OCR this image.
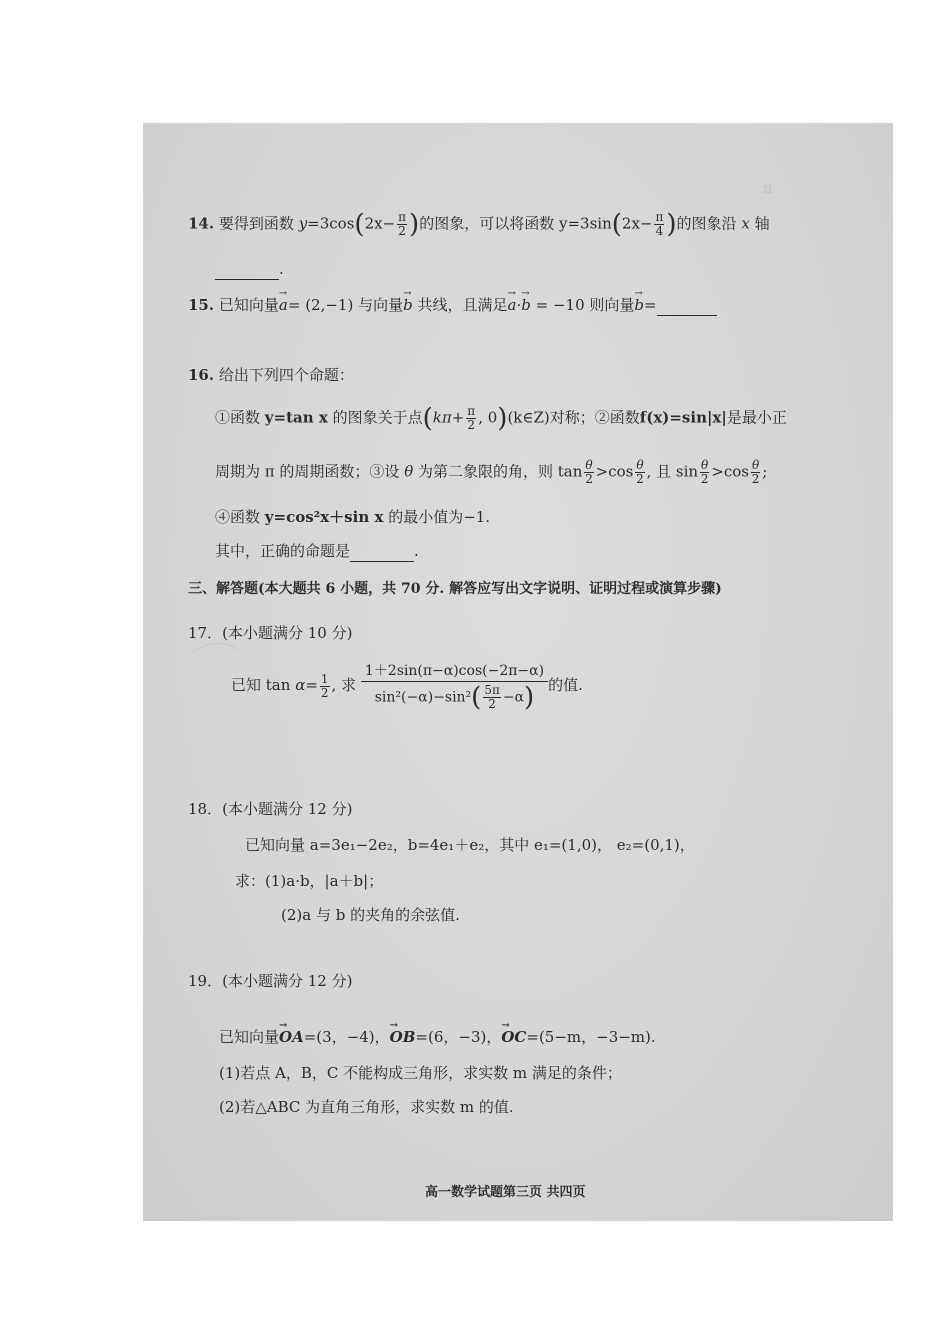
π
14. 要得到函数 $y=3\cos(2x- \frac{\pi}{2}$ )的图象，可以将函数 $y=3\sin(2x- \frac{\pi}{4}$ )的图象沿 x 轴
.
15. 已知向量→ a= (2,−1) 与向量→ b 共线，且满足→ a·→ b = −10 则向量→ b=
16. 给出下列四个命题：
①函数 y=tan x 的图象关于点($k\pi+ \frac{\pi}{2}$ , 0)(k∈Z)对称；②函数f(x)=sin|x|是最小正
周期为 π 的周期函数；③设 θ 为第二象限的角，则 $\tan \frac{\theta}{2} >\cos \frac{\theta}{2}$ , 且 $\sin \frac{\theta}{2} >\cos \frac{\theta}{2}$ ;
④函数 y=cos²x＋sin x 的最小值为−1.
其中，正确的命题是	.
三、解答题(本大题共 6 小题，共 70 分. 解答应写出文字说明、证明过程或演算步骤)
17．(本小题满分 10 分)
已知 $\tan \alpha= \frac{1}{2}$ , 求 $\frac{1+2\sin(\pi-\alpha)\cos(-2\pi-\alpha)}{\sin^2(-\alpha)-\sin^2( \frac{5\pi}{2} -\alpha)}$ 的值.
18．(本小题满分 12 分)
已知向量 a=3e₁−2e₂，b=4e₁＋e₂，其中 e₁=(1,0)， e₂=(0,1)，
求：(1)a·b，|a＋b|；
(2)a 与 b 的夹角的余弦值.
19．(本小题满分 12 分)
已知向量→ OA=(3，−4)，→ OB=(6，−3)，→ OC=(5−m，−3−m).
(1)若点 A，B，C 不能构成三角形，求实数 m 满足的条件；
(2)若△ABC 为直角三角形，求实数 m 的值.
高一数学试题第三页 共四页
